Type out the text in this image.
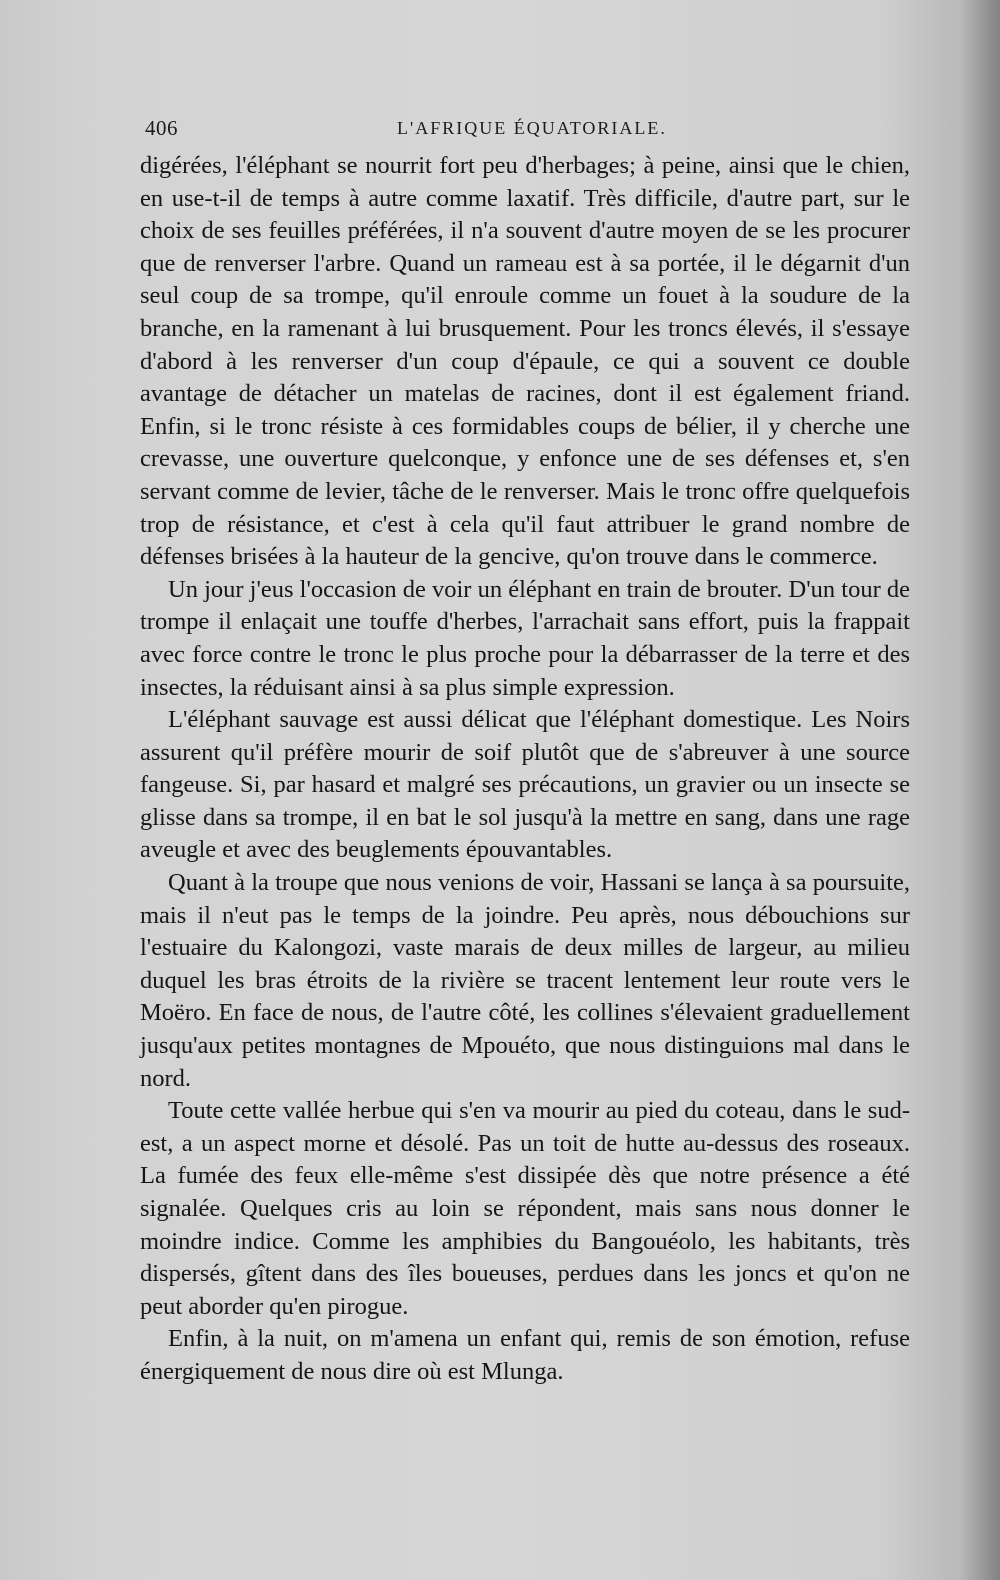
406	L'AFRIQUE ÉQUATORIALE.

digérées, l'éléphant se nourrit fort peu d'herbages; à peine, ainsi que le chien, en use-t-il de temps à autre comme laxatif. Très difficile, d'autre part, sur le choix de ses feuilles préférées, il n'a souvent d'autre moyen de se les procurer que de renverser l'arbre. Quand un rameau est à sa portée, il le dégarnit d'un seul coup de sa trompe, qu'il enroule comme un fouet à la soudure de la branche, en la ramenant à lui brusquement. Pour les troncs élevés, il s'essaye d'abord à les renverser d'un coup d'épaule, ce qui a souvent ce double avantage de détacher un matelas de racines, dont il est également friand. Enfin, si le tronc résiste à ces formidables coups de bélier, il y cherche une crevasse, une ouverture quelconque, y enfonce une de ses défenses et, s'en servant comme de levier, tâche de le renverser. Mais le tronc offre quelquefois trop de résistance, et c'est à cela qu'il faut attribuer le grand nombre de défenses brisées à la hauteur de la gencive, qu'on trouve dans le commerce.

Un jour j'eus l'occasion de voir un éléphant en train de brouter. D'un tour de trompe il enlaçait une touffe d'herbes, l'arrachait sans effort, puis la frappait avec force contre le tronc le plus proche pour la débarrasser de la terre et des insectes, la réduisant ainsi à sa plus simple expression.

L'éléphant sauvage est aussi délicat que l'éléphant domestique. Les Noirs assurent qu'il préfère mourir de soif plutôt que de s'abreuver à une source fangeuse. Si, par hasard et malgré ses précautions, un gravier ou un insecte se glisse dans sa trompe, il en bat le sol jusqu'à la mettre en sang, dans une rage aveugle et avec des beuglements épouvantables.

Quant à la troupe que nous venions de voir, Hassani se lança à sa poursuite, mais il n'eut pas le temps de la joindre. Peu après, nous débouchions sur l'estuaire du Kalongozi, vaste marais de deux milles de largeur, au milieu duquel les bras étroits de la rivière se tracent lentement leur route vers le Moëro. En face de nous, de l'autre côté, les collines s'élevaient graduellement jusqu'aux petites montagnes de Mpouéto, que nous distinguions mal dans le nord.

Toute cette vallée herbue qui s'en va mourir au pied du coteau, dans le sud-est, a un aspect morne et désolé. Pas un toit de hutte au-dessus des roseaux. La fumée des feux elle-même s'est dissipée dès que notre présence a été signalée. Quelques cris au loin se répondent, mais sans nous donner le moindre indice. Comme les amphibies du Bangouéolo, les habitants, très dispersés, gîtent dans des îles boueuses, perdues dans les joncs et qu'on ne peut aborder qu'en pirogue.

Enfin, à la nuit, on m'amena un enfant qui, remis de son émotion, refuse énergiquement de nous dire où est Mlunga.
